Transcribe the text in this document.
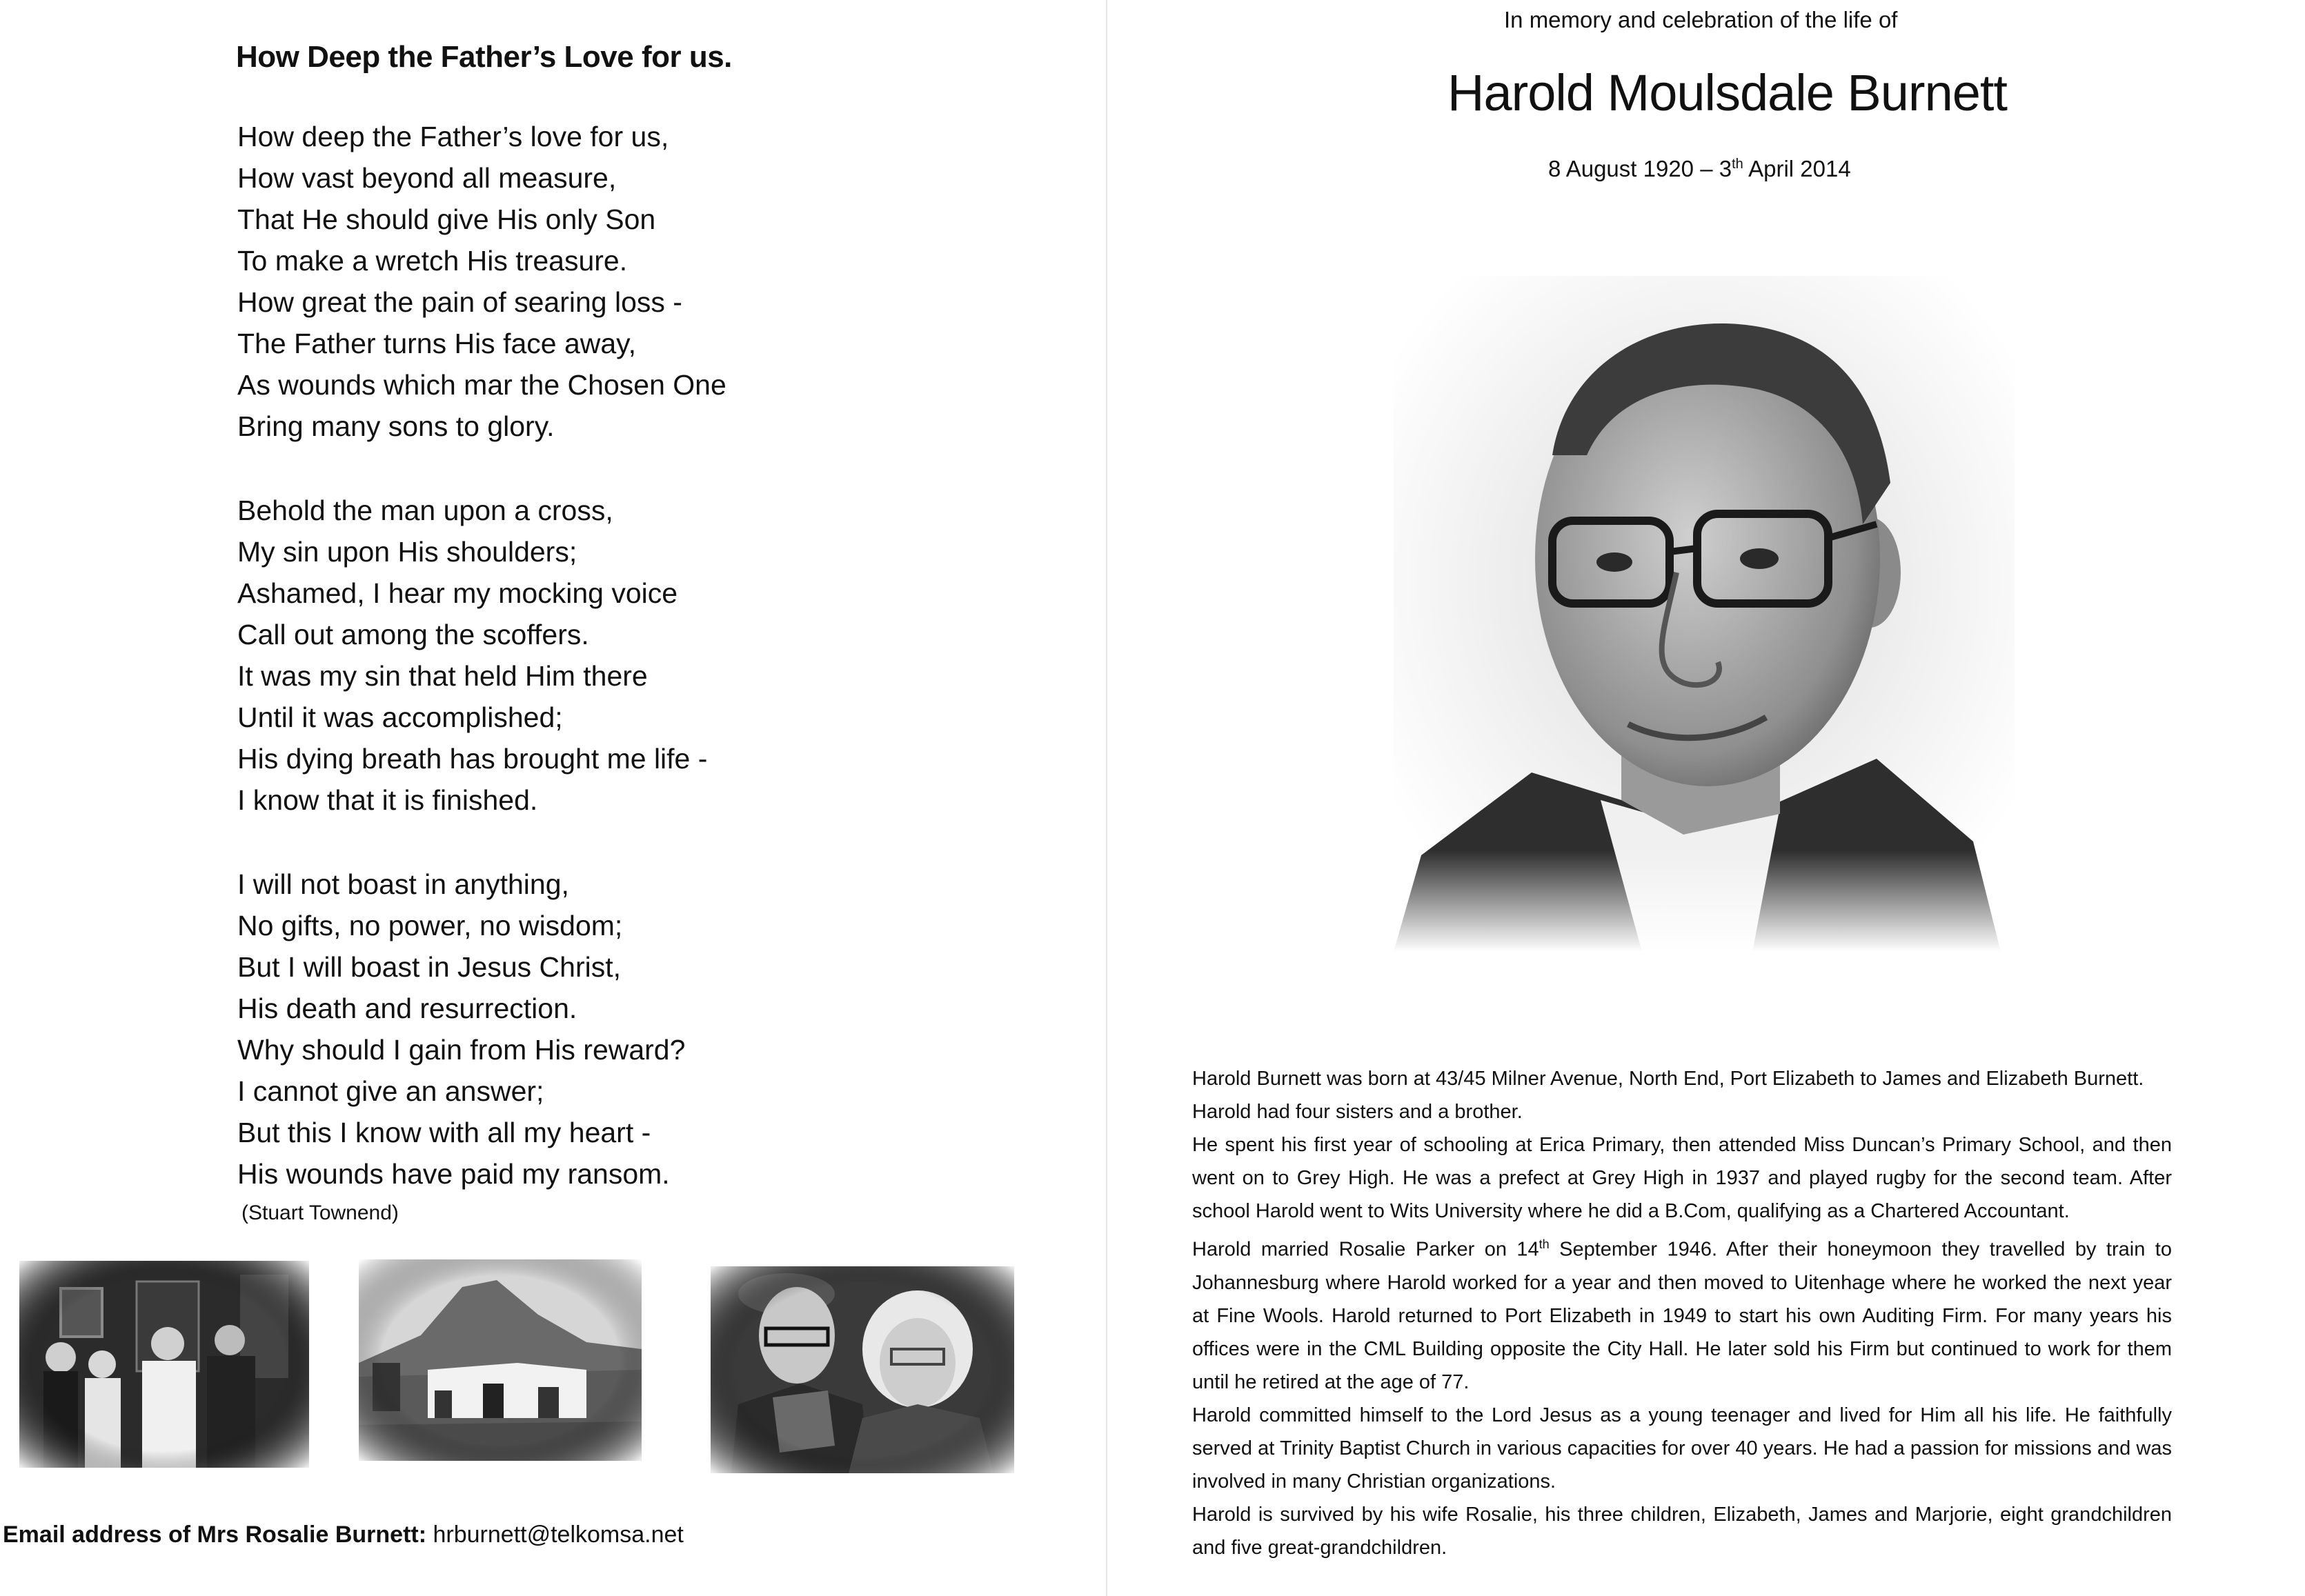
How Deep the Father’s Love for us.
How deep the Father’s love for us,
How vast beyond all measure,
That He should give His only Son
To make a wretch His treasure.
How great the pain of searing loss -
The Father turns His face away,
As wounds which mar the Chosen One
Bring many sons to glory.
Behold the man upon a cross,
My sin upon His shoulders;
Ashamed, I hear my mocking voice
Call out among the scoffers.
It was my sin that held Him there
Until it was accomplished;
His dying breath has brought me life -
I know that it is finished.
I will not boast in anything,
No gifts, no power, no wisdom;
But I will boast in Jesus Christ,
His death and resurrection.
Why should I gain from His reward?
I cannot give an answer;
But this I know with all my heart -
His wounds have paid my ransom.
(Stuart Townend)
Email address of Mrs Rosalie Burnett: hrburnett@telkomsa.net
In memory and celebration of the life of
Harold Moulsdale Burnett
8 August 1920 – 3th April 2014

Harold Burnett was born at 43/45 Milner Avenue, North End, Port Elizabeth to James and Elizabeth Burnett.

Harold had four sisters and a brother.

He spent his first year of schooling at Erica Primary, then attended Miss Duncan’s Primary School, and then went on to Grey High. He was a prefect at Grey High in 1937 and played rugby for the second team. After school Harold went to Wits University where he did a B.Com, qualifying as a Chartered Accountant.

Harold married Rosalie Parker on 14th September 1946. After their honeymoon they travelled by train to Johannesburg where Harold worked for a year and then moved to Uitenhage where he worked the next year at Fine Wools. Harold returned to Port Elizabeth in 1949 to start his own Auditing Firm. For many years his offices were in the CML Building opposite the City Hall. He later sold his Firm but continued to work for them until he retired at the age of 77.

Harold committed himself to the Lord Jesus as a young teenager and lived for Him all his life. He faithfully served at Trinity Baptist Church in various capacities for over 40 years. He had a passion for missions and was involved in many Christian organizations.

Harold is survived by his wife Rosalie, his three children, Elizabeth, James and Marjorie, eight grandchildren and five great-grandchildren.
